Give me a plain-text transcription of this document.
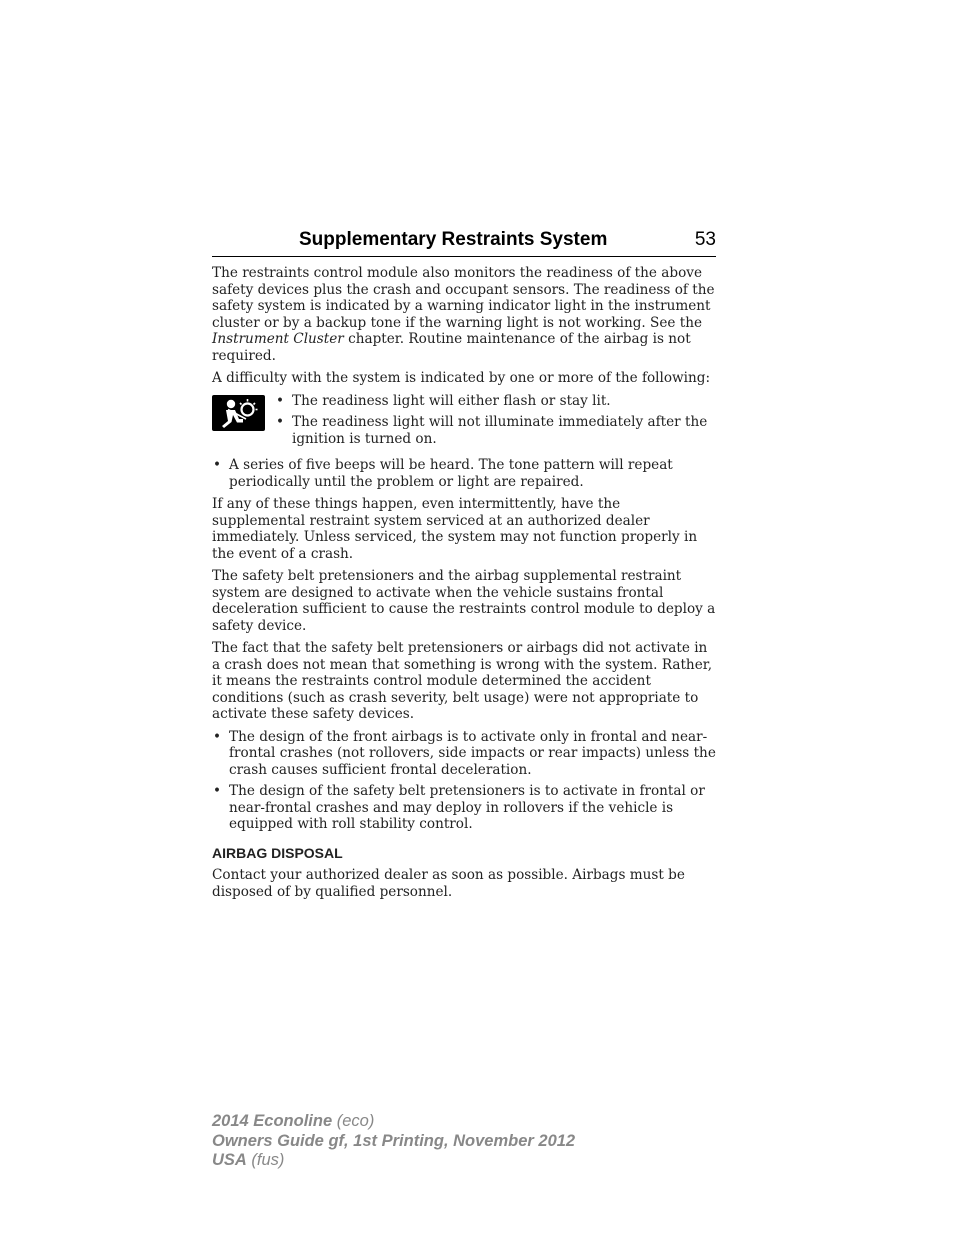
Supplementary Restraints System	53

The restraints control module also monitors the readiness of the above safety devices plus the crash and occupant sensors. The readiness of the safety system is indicated by a warning indicator light in the instrument cluster or by a backup tone if the warning light is not working. See the Instrument Cluster chapter. Routine maintenance of the airbag is not required.

A difficulty with the system is indicated by one or more of the following:

• The readiness light will either flash or stay lit.
• The readiness light will not illuminate immediately after the ignition is turned on.
• A series of five beeps will be heard. The tone pattern will repeat periodically until the problem or light are repaired.

If any of these things happen, even intermittently, have the supplemental restraint system serviced at an authorized dealer immediately. Unless serviced, the system may not function properly in the event of a crash.

The safety belt pretensioners and the airbag supplemental restraint system are designed to activate when the vehicle sustains frontal deceleration sufficient to cause the restraints control module to deploy a safety device.

The fact that the safety belt pretensioners or airbags did not activate in a crash does not mean that something is wrong with the system. Rather, it means the restraints control module determined the accident conditions (such as crash severity, belt usage) were not appropriate to activate these safety devices.

• The design of the front airbags is to activate only in frontal and near-frontal crashes (not rollovers, side impacts or rear impacts) unless the crash causes sufficient frontal deceleration.
• The design of the safety belt pretensioners is to activate in frontal or near-frontal crashes and may deploy in rollovers if the vehicle is equipped with roll stability control.
AIRBAG DISPOSAL

Contact your authorized dealer as soon as possible. Airbags must be disposed of by qualified personnel.

2014 Econoline (eco)
Owners Guide gf, 1st Printing, November 2012
USA (fus)
